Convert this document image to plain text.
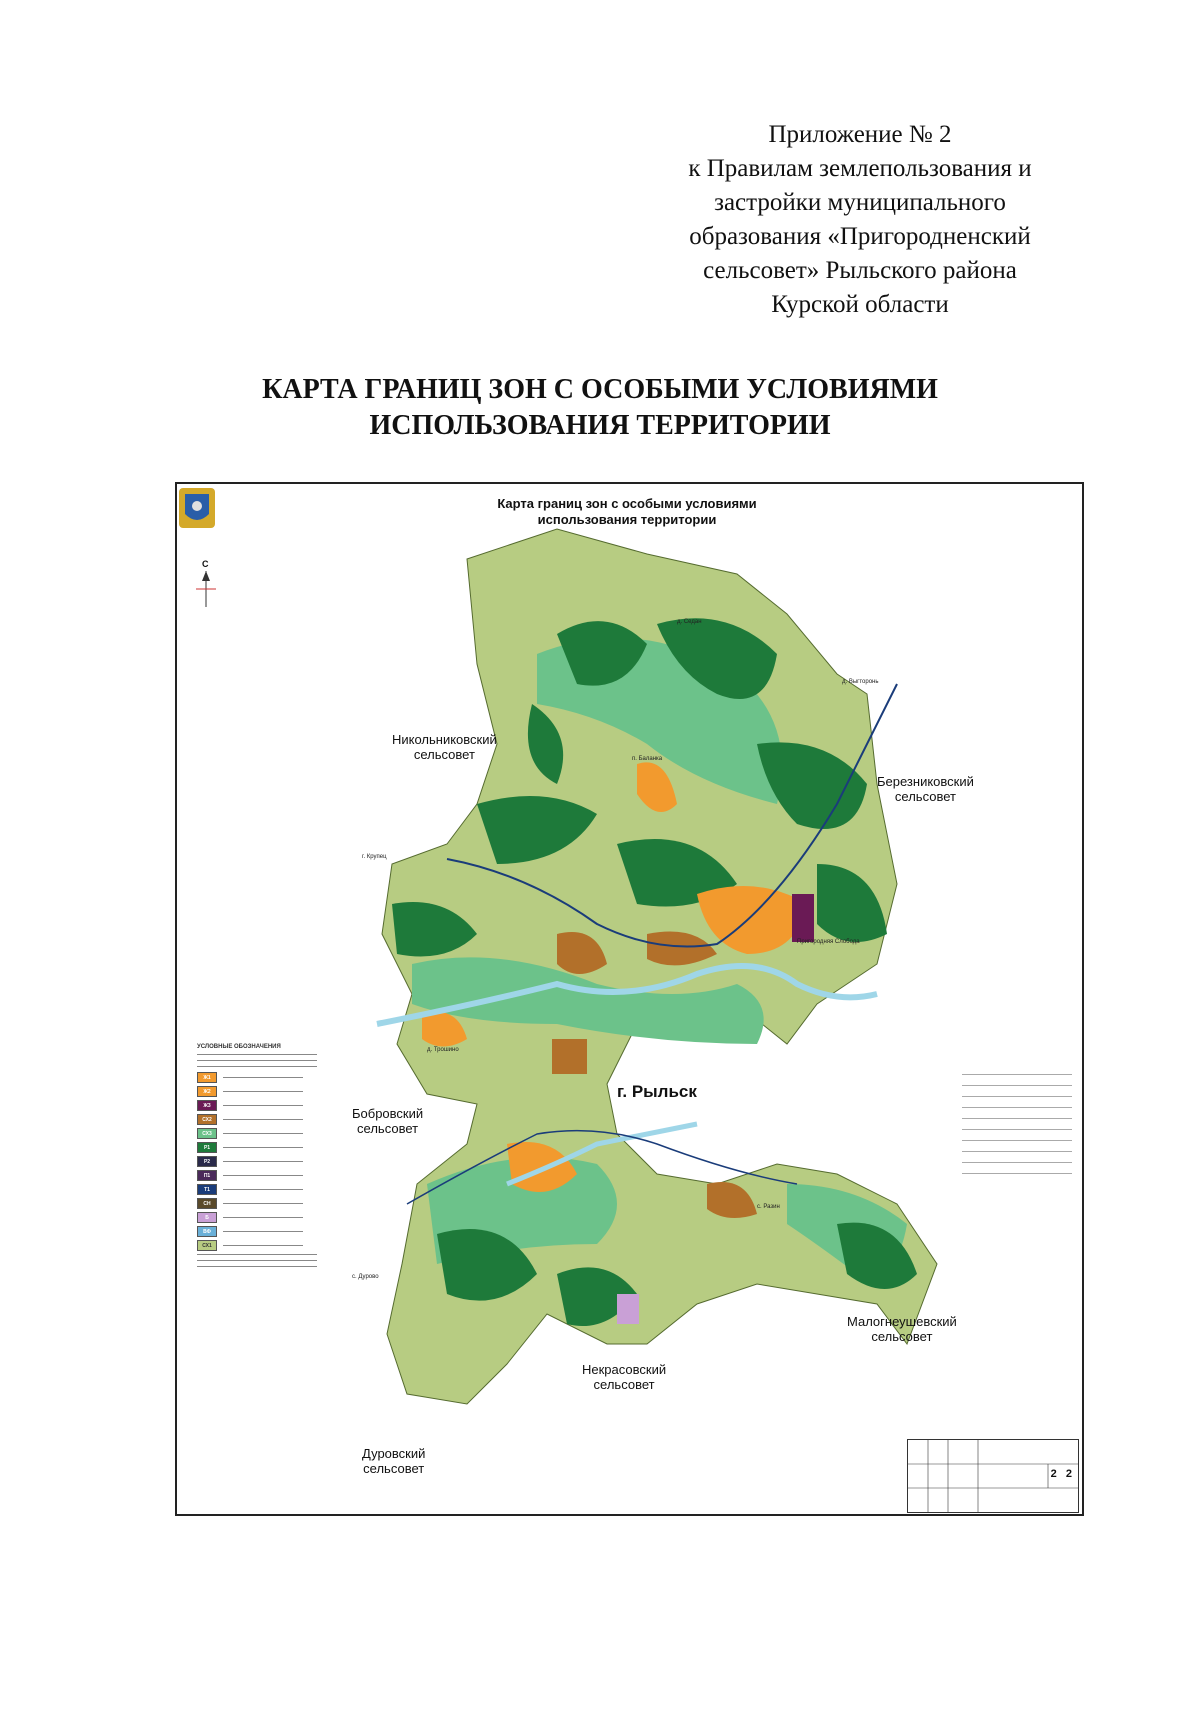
Приложение № 2
к Правилам землепользования и
застройки муниципального
образования «Пригородненский
сельсовет» Рыльского района
Курской области
КАРТА ГРАНИЦ ЗОН С ОСОБЫМИ УСЛОВИЯМИ
ИСПОЛЬЗОВАНИЯ ТЕРРИТОРИИ
С
Карта границ зон с особыми условиями
использования территории
Никольниковский
сельсовет
Березниковский
сельсовет
Бобровский
сельсовет
Малогнеушевский
сельсовет
Некрасовский
сельсовет
Дуровский
сельсовет
г. Рыльск
д. Седан
д. Выгторонь
п. Баланка
Пригородняя Слобода
д. Трошино
г. Крупец
с. Разин
с. Дурово
УСЛОВНЫЕ ОБОЗНАЧЕНИЯ
Ж1
Ж2
Ж3
СХ2
СХ3
Р1
Р2
П1
Т1
СН
Б
ВФ
СХ1
2 2
